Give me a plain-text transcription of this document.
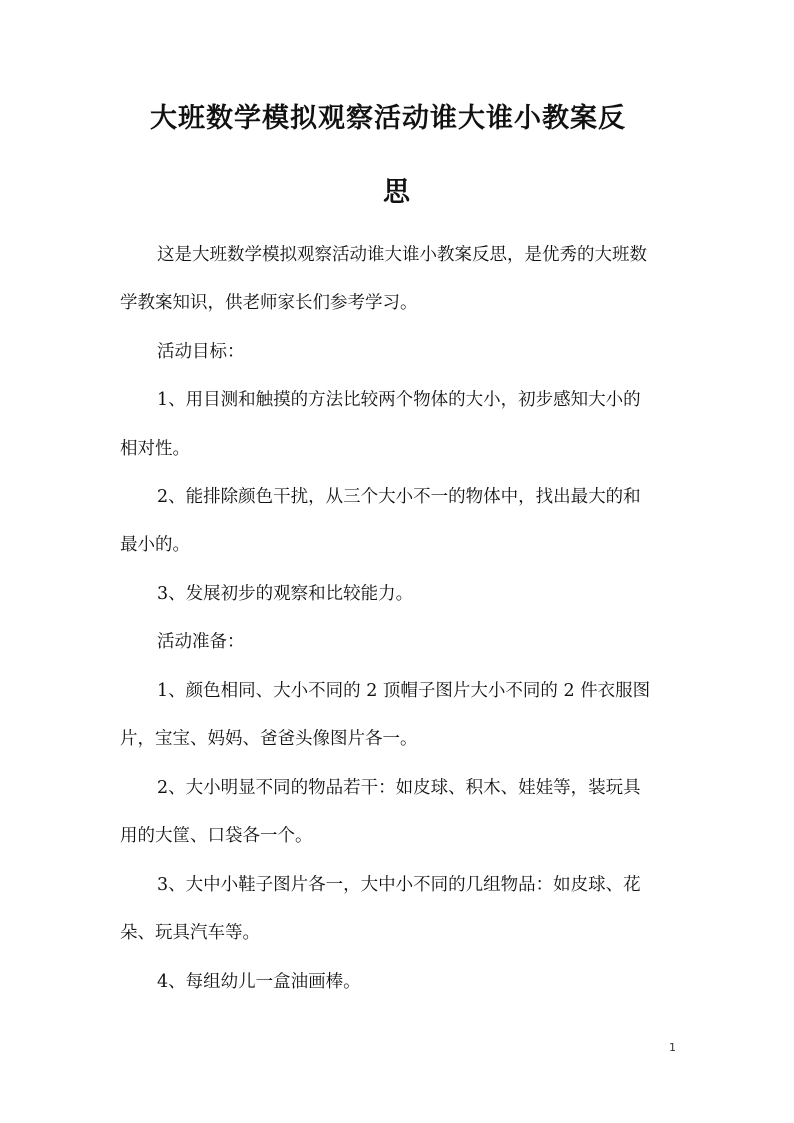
大班数学模拟观察活动谁大谁小教案反
思

这是大班数学模拟观察活动谁大谁小教案反思，是优秀的大班数

学教案知识，供老师家长们参考学习。

活动目标：

1、用目测和触摸的方法比较两个物体的大小，初步感知大小的

相对性。

2、能排除颜色干扰，从三个大小不一的物体中，找出最大的和

最小的。

3、发展初步的观察和比较能力。

活动准备：

1、颜色相同、大小不同的 2 顶帽子图片大小不同的 2 件衣服图

片，宝宝、妈妈、爸爸头像图片各一。

2、大小明显不同的物品若干：如皮球、积木、娃娃等，装玩具

用的大筐、口袋各一个。

3、大中小鞋子图片各一，大中小不同的几组物品：如皮球、花

朵、玩具汽车等。

4、每组幼儿一盒油画棒。

1
